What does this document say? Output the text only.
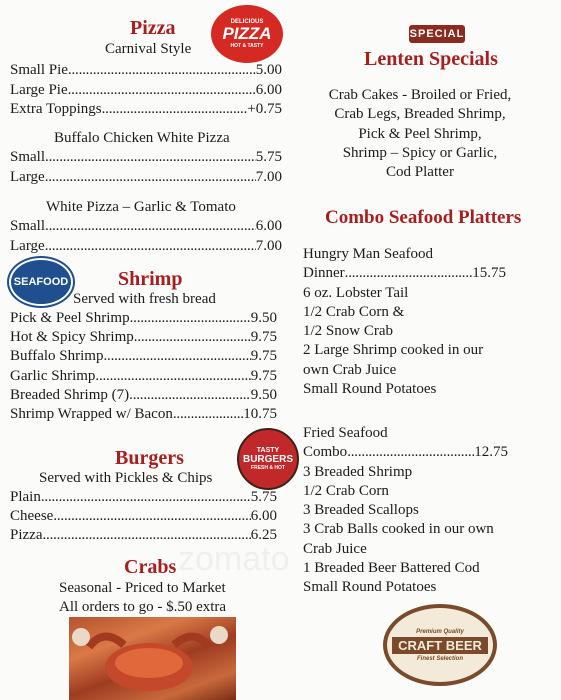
Pizza	DELICIOUS
PIZZA
HOT & TASTY
Carnival Style
Small Pie .....	5.00
Large Pie .....	6.00
Extra Toppings .....	+0.75
Buffalo Chicken White Pizza
Small .....	5.75
Large .....	7.00
White Pizza – Garlic & Tomato
Small .....	6.00
Large .....	7.00
SEAFOOD Shrimp
Served with fresh bread
Pick & Peel Shrimp .....	9.50
Hot & Spicy Shrimp .....	9.75
Buffalo Shrimp .....	9.75
Garlic Shrimp .....	9.75
Breaded Shrimp (7) .....	9.50
Shrimp Wrapped w/ Bacon .....	10.75
Burgers	TASTY
BURGERS
FRESH & HOT
Served with Pickles & Chips
Plain .....	5.75
Cheese .....	6.00
Pizza .....	6.25
Crabs
Seasonal - Priced to Market
All orders to go - $.50 extra
SPECIAL
Lenten Specials
Crab Cakes - Broiled or Fried,
Crab Legs, Breaded Shrimp,
Pick & Peel Shrimp,
Shrimp – Spicy or Garlic,
Cod Platter
Combo Seafood Platters
Hungry Man Seafood
Dinner .....	15.75
6 oz. Lobster Tail
1/2 Crab Corn &
1/2 Snow Crab
2 Large Shrimp cooked in our
own Crab Juice
Small Round Potatoes
Fried Seafood
Combo .....	12.75
3 Breaded Shrimp
1/2 Crab Corn
3 Breaded Scallops
3 Crab Balls cooked in our own
Crab Juice
1 Breaded Beer Battered Cod
Small Round Potatoes
Premium Quality
CRAFT BEER
Finest Selection
zomato
